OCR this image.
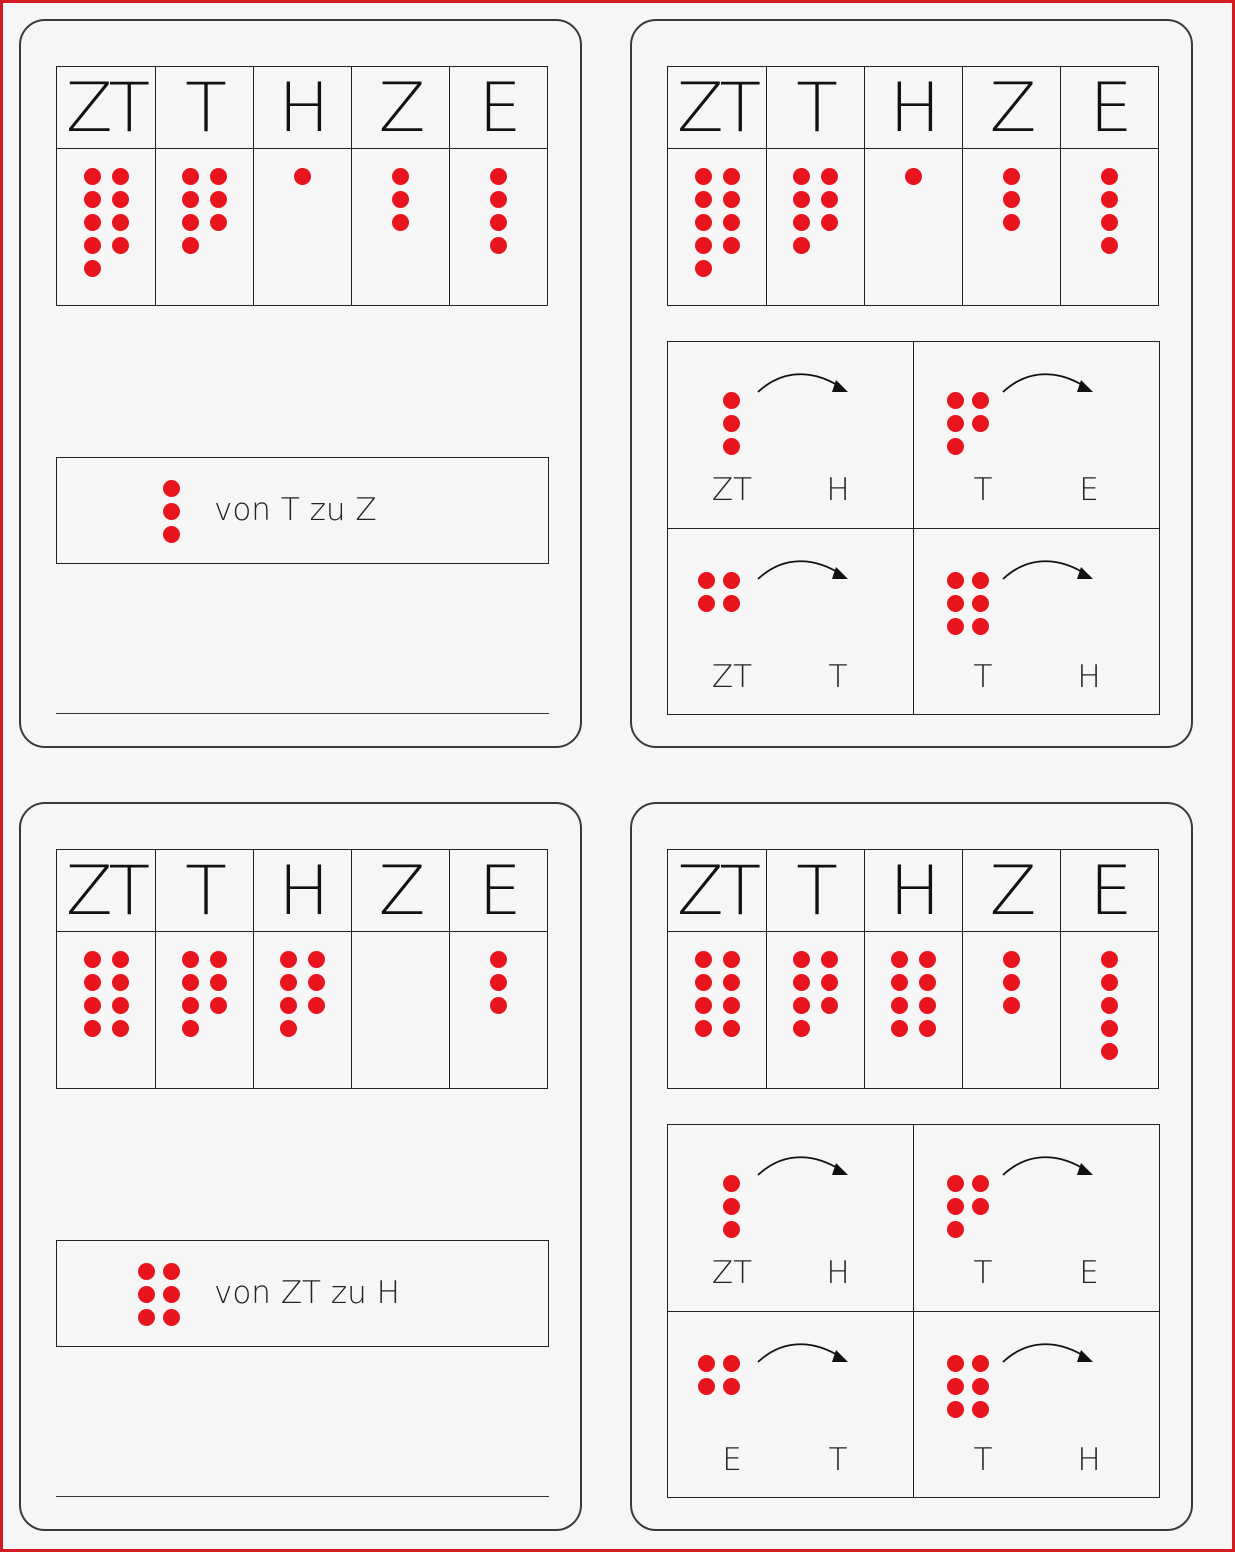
ZT T H Z E
von T zu Z
ZT T H Z E
ZT	H	T	E
ZT	T	T	H
ZT T H Z E
von ZT zu H
ZT T H Z E
ZT	H	T	E
E	T	T	H
